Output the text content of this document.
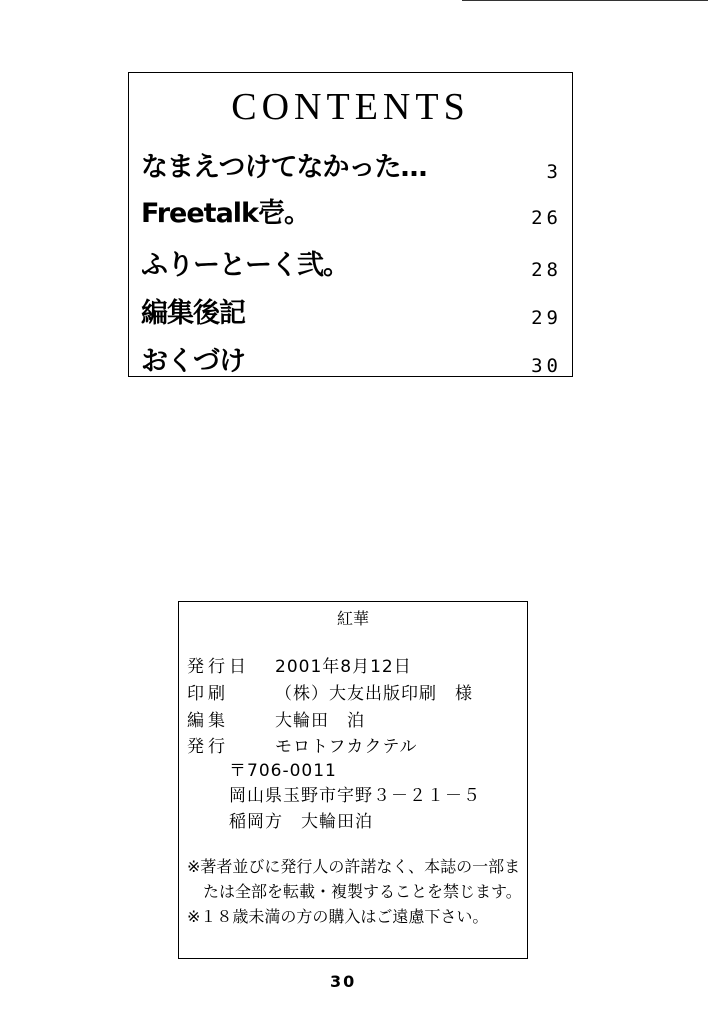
CONTENTS
なまえつけてなかった…	3
Freetalk壱。	26
ふりーとーく弐。	28
編集後記	29
おくづけ	30
紅華
発行日 2001年8月12日
印刷	（株）大友出版印刷　様
編集	大輪田　泊
発行	モロトフカクテル
〒706-0011
岡山県玉野市宇野３－２１－５
稲岡方　大輪田泊
※著者並びに発行人の許諾なく、本誌の一部または全部を転載・複製することを禁じます。
※１８歳未満の方の購入はご遠慮下さい。
30
